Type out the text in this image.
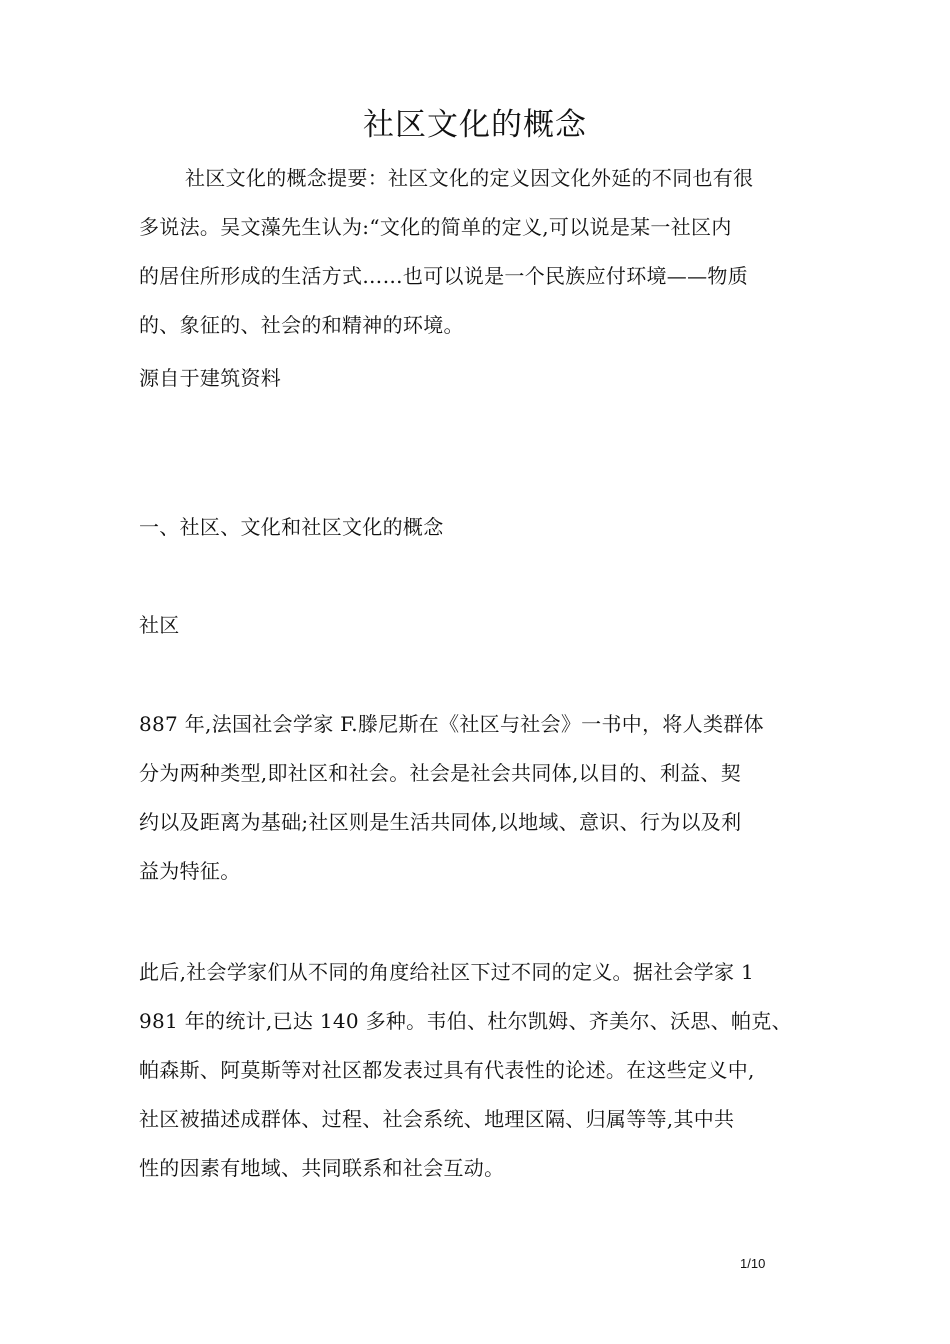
社区文化的概念
社区文化的概念提要：社区文化的定义因文化外延的不同也有很
多说法。吴文藻先生认为:“文化的简单的定义,可以说是某一社区内
的居住所形成的生活方式……也可以说是一个民族应付环境——物质
的、象征的、社会的和精神的环境。
源自于建筑资料
一、社区、文化和社区文化的概念
社区
887 年,法国社会学家 F.滕尼斯在《社区与社会》一书中，将人类群体
分为两种类型,即社区和社会。社会是社会共同体,以目的、利益、契
约以及距离为基础;社区则是生活共同体,以地域、意识、行为以及利
益为特征。
此后,社会学家们从不同的角度给社区下过不同的定义。据社会学家 1
981 年的统计,已达 140 多种。韦伯、杜尔凯姆、齐美尔、沃思、帕克、
帕森斯、阿莫斯等对社区都发表过具有代表性的论述。在这些定义中,
社区被描述成群体、过程、社会系统、地理区隔、归属等等,其中共
性的因素有地域、共同联系和社会互动。
1/10
